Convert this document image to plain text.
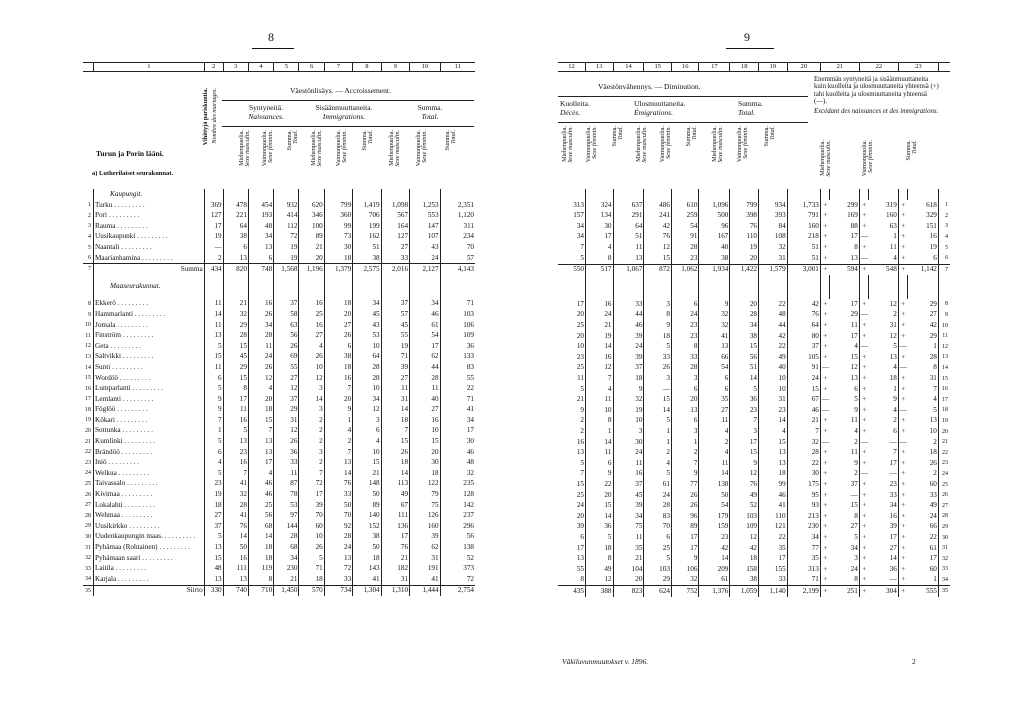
8
Vihittyjä pariskuntia. Nombre des mariages.	Väestönlisäys. — Accroissement.
Syntyneitä.
Naissances.
Sisäänmuuttaneita.
Immigrations.
Summa.
Total.
Turun ja Porin lääni.
a) Lutherilaiset seurakunnat.
Miehenpuolia. Sexe masculin. Vaimonpuolia. Sexe féminin. Summa. Total. Miehenpuolia. Sexe masculin. Vaimonpuolia. Sexe féminin. Summa. Total. Miehenpuolia. Sexe masculin. Vaimonpuolia. Sexe féminin.	Summa. Total.
	1	2	3	4	5	6	7	8	9	10	11

	Kaupungit.										
1	Turku . . . . . . . . .	369	478	454	932	620	799	1,419	1,098	1,253	2,351
2	Pori . . . . . . . . .	127	221	193	414	346	360	706	567	553	1,120
3	Rauma . . . . . . . . .	17	64	48	112	100	99	199	164	147	311
4	Uusikaupunki . . . . . . . . .	19	38	34	72	89	73	162	127	107	234
5	Naantali . . . . . . . . .	—	6	13	19	21	30	51	27	43	70
6	Maarianhamina . . . . . . . . .	2	13	6	19	20	18	38	33	24	57

7	Summa	434	820	748	1,568	1,196	1,379	2,575	2,016	2,127	4,143
	Maaseurakunnat.										
8	Ekkerö . . . . . . . . .	11	21	16	37	16	18	34	37	34	71
9	Hammarlanti . . . . . . . . .	14	32	26	58	25	20	45	57	46	103
10	Jomala . . . . . . . . .	11	29	34	63	16	27	43	45	61	106
11	Finström . . . . . . . . .	13	28	28	56	27	26	53	55	54	109
12	Geta . . . . . . . . .	5	15	11	26	4	6	10	19	17	36
13	Saltvikki . . . . . . . . .	15	45	24	69	26	38	64	71	62	133
14	Sunti . . . . . . . . .	11	29	26	55	10	18	28	39	44	83
15	Wordöö . . . . . . . . .	6	15	12	27	12	16	28	27	28	55
16	Lumparlanti . . . . . . . . .	5	8	4	12	3	7	10	11	11	22
17	Lemlanti . . . . . . . . .	9	17	20	37	14	20	34	31	40	71
18	Föglöö . . . . . . . . .	9	11	18	29	3	9	12	14	27	41
19	Kökari . . . . . . . . .	7	16	15	31	2	1	3	18	16	34
20	Sottunka . . . . . . . . .	1	5	7	12	2	4	6	7	10	17
21	Kumlinki . . . . . . . . .	5	13	13	26	2	2	4	15	15	30
22	Brändöö . . . . . . . . .	6	23	13	36	3	7	10	26	20	46
23	Iniö . . . . . . . . .	4	16	17	33	2	13	15	18	30	48
24	Welkua . . . . . . . . .	5	7	4	11	7	14	21	14	18	32
25	Taivassalo . . . . . . . . .	23	41	46	87	72	76	148	113	122	235
26	Kivimaa . . . . . . . . .	19	32	46	78	17	33	50	49	79	128
27	Lokalahti . . . . . . . . .	18	28	25	53	39	50	89	67	75	142
28	Wehmaa . . . . . . . . .	27	41	56	97	70	70	140	111	126	237
29	Uusikirkko . . . . . . . . .	37	76	68	144	60	92	152	136	160	296
30	Uudenkaupungin maas. . . . . . . . . .	5	14	14	28	10	28	38	17	39	56
31	Pyhämaa (Rohtainen) . . . . . . . . .	13	50	18	68	26	24	50	76	62	138
32	Pyhämaan saari . . . . . . . . .	15	16	18	34	5	13	18	21	31	52
33	Laitila . . . . . . . . .	48	111	119	230	71	72	143	182	191	373
34	Karjala . . . . . . . . .	13	13	8	21	18	33	41	31	41	72
35	Siirto	330	740	710	1,450	570	734	1,304	1,310	1,444	2,754
9
Väestönvähennys. — Diminution.
Kuolleita.
Décès.
Ulosmuuttaneita.
Émigrations.
Summa.
Total.
Enemmän syntyneitä ja sisäänmuuttaneita kuin kuolleita ja ulosmuuttaneita yhteensä (+) tahi kuolleita ja ulosmuuttaneita yhteensä (—).
Excédant des naissances et des immigrations.
Miehenpuolia. Sexe masculin. Vaimonpuolia. Sexe féminin. Summa. Total. Miehenpuolia. Sexe masculin. Vaimonpuolia. Sexe féminin. Summa. Total. Miehenpuolia. Sexe masculin. Vaimonpuolia. Sexe féminin. Summa. Total.
Miehenpuolia. Sexe masculin.	Vaimonpuolia. Sexe féminin.	Summa. Total.
12	13	14	15	16	17	18	19	20	21		22		23		

313	324	637	486	610	1,096	799	934	1,733	+	299	+	319	+	618	1
157	134	291	241	259	500	398	393	791	+	169	+	160	+	329	2
34	30	64	42	54	96	76	84	160	+	88	+	63	+	151	3
34	17	51	76	91	167	110	108	218	+	17	—	1	+	16	4
7	4	11	12	28	40	19	32	51	+	8	+	11	+	19	5
5	8	13	15	23	38	20	31	51	+	13	—	4	+	6	6
550	517	1,067	872	1,062	1,934	1,422	1,579	3,001	+	594	+	548	+	1,142	7

17	16	33	3	6	9	20	22	42	+	17	+	12	+	29	8
20	24	44	8	24	32	28	48	76	+	29	—	2	+	27	9
25	21	46	9	23	32	34	44	64	+	11	+	31	+	42	10
20	19	39	18	23	41	38	42	80	+	17	+	12	+	29	11
10	14	24	5	8	13	15	22	37	+	4	—	5	—	1	12
23	16	39	33	33	66	56	49	105	+	15	+	13	+	28	13
25	12	37	26	28	54	51	40	91	—	12	+	4	—	8	14
11	7	18	3	3	6	14	10	24	+	13	+	18	+	31	15
5	4	9	—	6	6	5	10	15	+	6	+	1	+	7	16
21	11	32	15	20	35	36	31	67	—	5	+	9	+	4	17
9	10	19	14	13	27	23	23	46	—	9	+	4	—	5	18
2	8	10	5	6	11	7	14	21	+	11	+	2	+	13	19
2	1	3	1	3	4	3	4	7	+	4	+	6	+	10	20
16	14	30	1	1	2	17	15	32	—	2	—	—	—	2	21
13	11	24	2	2	4	15	13	28	+	11	+	7	+	18	22
5	6	11	4	7	11	9	13	22	+	9	+	17	+	26	23
7	9	16	5	9	14	12	18	30	+	2	—	—	+	2	24
15	22	37	61	77	138	76	99	175	+	37	+	23	+	60	25
25	20	45	24	26	50	49	46	95	+	—	+	33	+	33	26
24	15	39	28	26	54	52	41	93	+	15	+	34	+	49	27
20	14	34	83	96	179	103	110	213	+	8	+	16	+	24	28
39	36	75	70	89	159	109	121	230	+	27	+	39	+	66	29
6	5	11	6	17	23	12	22	34	+	5	+	17	+	22	30
17	18	35	25	17	42	42	35	77	+	34	+	27	+	61	31
13	8	21	5	9	14	18	17	35	+	3	+	14	+	17	32
55	49	104	103	106	209	158	155	313	+	24	+	36	+	60	33
8	12	20	29	32	61	38	33	71	+	8	+	—	+	1	34
435	388	823	624	752	1,376	1,059	1,140	2,199	+	251	+	304	+	555	35
Väkiluvunmuutokset v. 1896.	2
